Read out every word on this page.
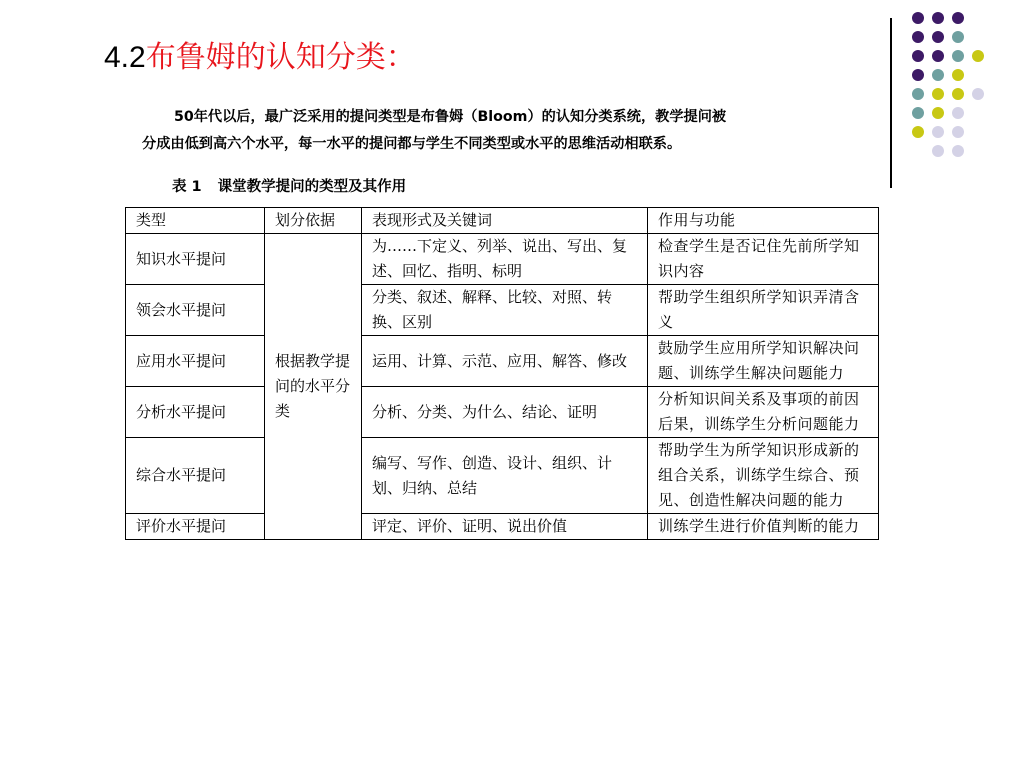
4.2布鲁姆的认知分类：

50年代以后，最广泛采用的提问类型是布鲁姆（Bloom）的认知分类系统，教学提问被

分成由低到高六个水平，每一水平的提问都与学生不同类型或水平的思维活动相联系。

表 1 课堂教学提问的类型及其作用
类型	划分依据	表现形式及关键词	作用与功能
知识水平提问	根据教学提问的水平分类	为……下定义、列举、说出、写出、复述、回忆、指明、标明	检查学生是否记住先前所学知识内容
领会水平提问		分类、叙述、解释、比较、对照、转换、区别	帮助学生组织所学知识弄清含义
应用水平提问		运用、计算、示范、应用、解答、修改	鼓励学生应用所学知识解决问题、训练学生解决问题能力
分析水平提问		分析、分类、为什么、结论、证明	分析知识间关系及事项的前因后果，训练学生分析问题能力
综合水平提问		编写、写作、创造、设计、组织、计划、归纳、总结	帮助学生为所学知识形成新的组合关系，训练学生综合、预见、创造性解决问题的能力
评价水平提问		评定、评价、证明、说出价值	训练学生进行价值判断的能力
